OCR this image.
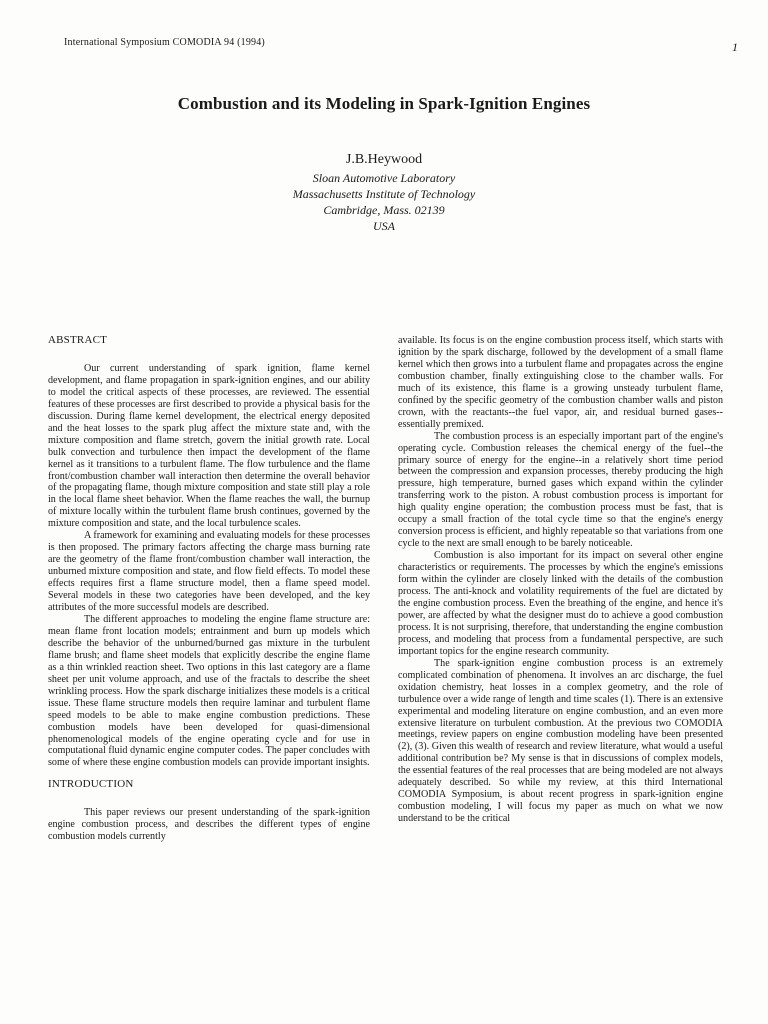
International Symposium COMODIA 94 (1994)	1
Combustion and its Modeling in Spark-Ignition Engines
J.B.Heywood
Sloan Automotive Laboratory
Massachusetts Institute of Technology
Cambridge, Mass. 02139
USA
ABSTRACT

Our current understanding of spark ignition, flame kernel development, and flame propagation in spark-ignition engines, and our ability to model the critical aspects of these processes, are reviewed. The essential features of these processes are first described to provide a physical basis for the discussion. During flame kernel development, the electrical energy deposited and the heat losses to the spark plug affect the mixture state and, with the mixture composition and flame stretch, govern the initial growth rate. Local bulk convection and turbulence then impact the development of the flame kernel as it transitions to a turbulent flame. The flow turbulence and the flame front/combustion chamber wall interaction then determine the overall behavior of the propagating flame, though mixture composition and state still play a role in the local flame sheet behavior. When the flame reaches the wall, the burnup of mixture locally within the turbulent flame brush continues, governed by the mixture composition and state, and the local turbulence scales.

A framework for examining and evaluating models for these processes is then proposed. The primary factors affecting the charge mass burning rate are the geometry of the flame front/combustion chamber wall interaction, the unburned mixture composition and state, and flow field effects. To model these effects requires first a flame structure model, then a flame speed model. Several models in these two categories have been developed, and the key attributes of the more successful models are described.

The different approaches to modeling the engine flame structure are: mean flame front location models; entrainment and burn up models which describe the behavior of the unburned/burned gas mixture in the turbulent flame brush; and flame sheet models that explicitly describe the engine flame as a thin wrinkled reaction sheet. Two options in this last category are a flame sheet per unit volume approach, and use of the fractals to describe the sheet wrinkling process. How the spark discharge initializes these models is a critical issue. These flame structure models then require laminar and turbulent flame speed models to be able to make engine combustion predictions. These combustion models have been developed for quasi-dimensional phenomenological models of the engine operating cycle and for use in computational fluid dynamic engine computer codes. The paper concludes with some of where these engine combustion models can provide important insights.

INTRODUCTION

This paper reviews our present understanding of the spark-ignition engine combustion process, and describes the different types of engine combustion models currently

available. Its focus is on the engine combustion process itself, which starts with ignition by the spark discharge, followed by the development of a small flame kernel which then grows into a turbulent flame and propagates across the engine combustion chamber, finally extinguishing close to the chamber walls. For much of its existence, this flame is a growing unsteady turbulent flame, confined by the specific geometry of the combustion chamber walls and piston crown, with the reactants--the fuel vapor, air, and residual burned gases--essentially premixed.

The combustion process is an especially important part of the engine's operating cycle. Combustion releases the chemical energy of the fuel--the primary source of energy for the engine--in a relatively short time period between the compression and expansion processes, thereby producing the high pressure, high temperature, burned gases which expand within the cylinder transferring work to the piston. A robust combustion process is important for high quality engine operation; the combustion process must be fast, that is occupy a small fraction of the total cycle time so that the engine's energy conversion process is efficient, and highly repeatable so that variations from one cycle to the next are small enough to be barely noticeable.

Combustion is also important for its impact on several other engine characteristics or requirements. The processes by which the engine's emissions form within the cylinder are closely linked with the details of the combustion process. The anti-knock and volatility requirements of the fuel are dictated by the engine combustion process. Even the breathing of the engine, and hence it's power, are affected by what the designer must do to achieve a good combustion process. It is not surprising, therefore, that understanding the engine combustion process, and modeling that process from a fundamental perspective, are such important topics for the engine research community.

The spark-ignition engine combustion process is an extremely complicated combination of phenomena. It involves an arc discharge, the fuel oxidation chemistry, heat losses in a complex geometry, and the role of turbulence over a wide range of length and time scales (1). There is an extensive experimental and modeling literature on engine combustion, and an even more extensive literature on turbulent combustion. At the previous two COMODIA meetings, review papers on engine combustion modeling have been presented (2), (3). Given this wealth of research and review literature, what would a useful additional contribution be? My sense is that in discussions of complex models, the essential features of the real processes that are being modeled are not always adequately described. So while my review, at this third International COMODIA Symposium, is about recent progress in spark-ignition engine combustion modeling, I will focus my paper as much on what we now understand to be the critical
